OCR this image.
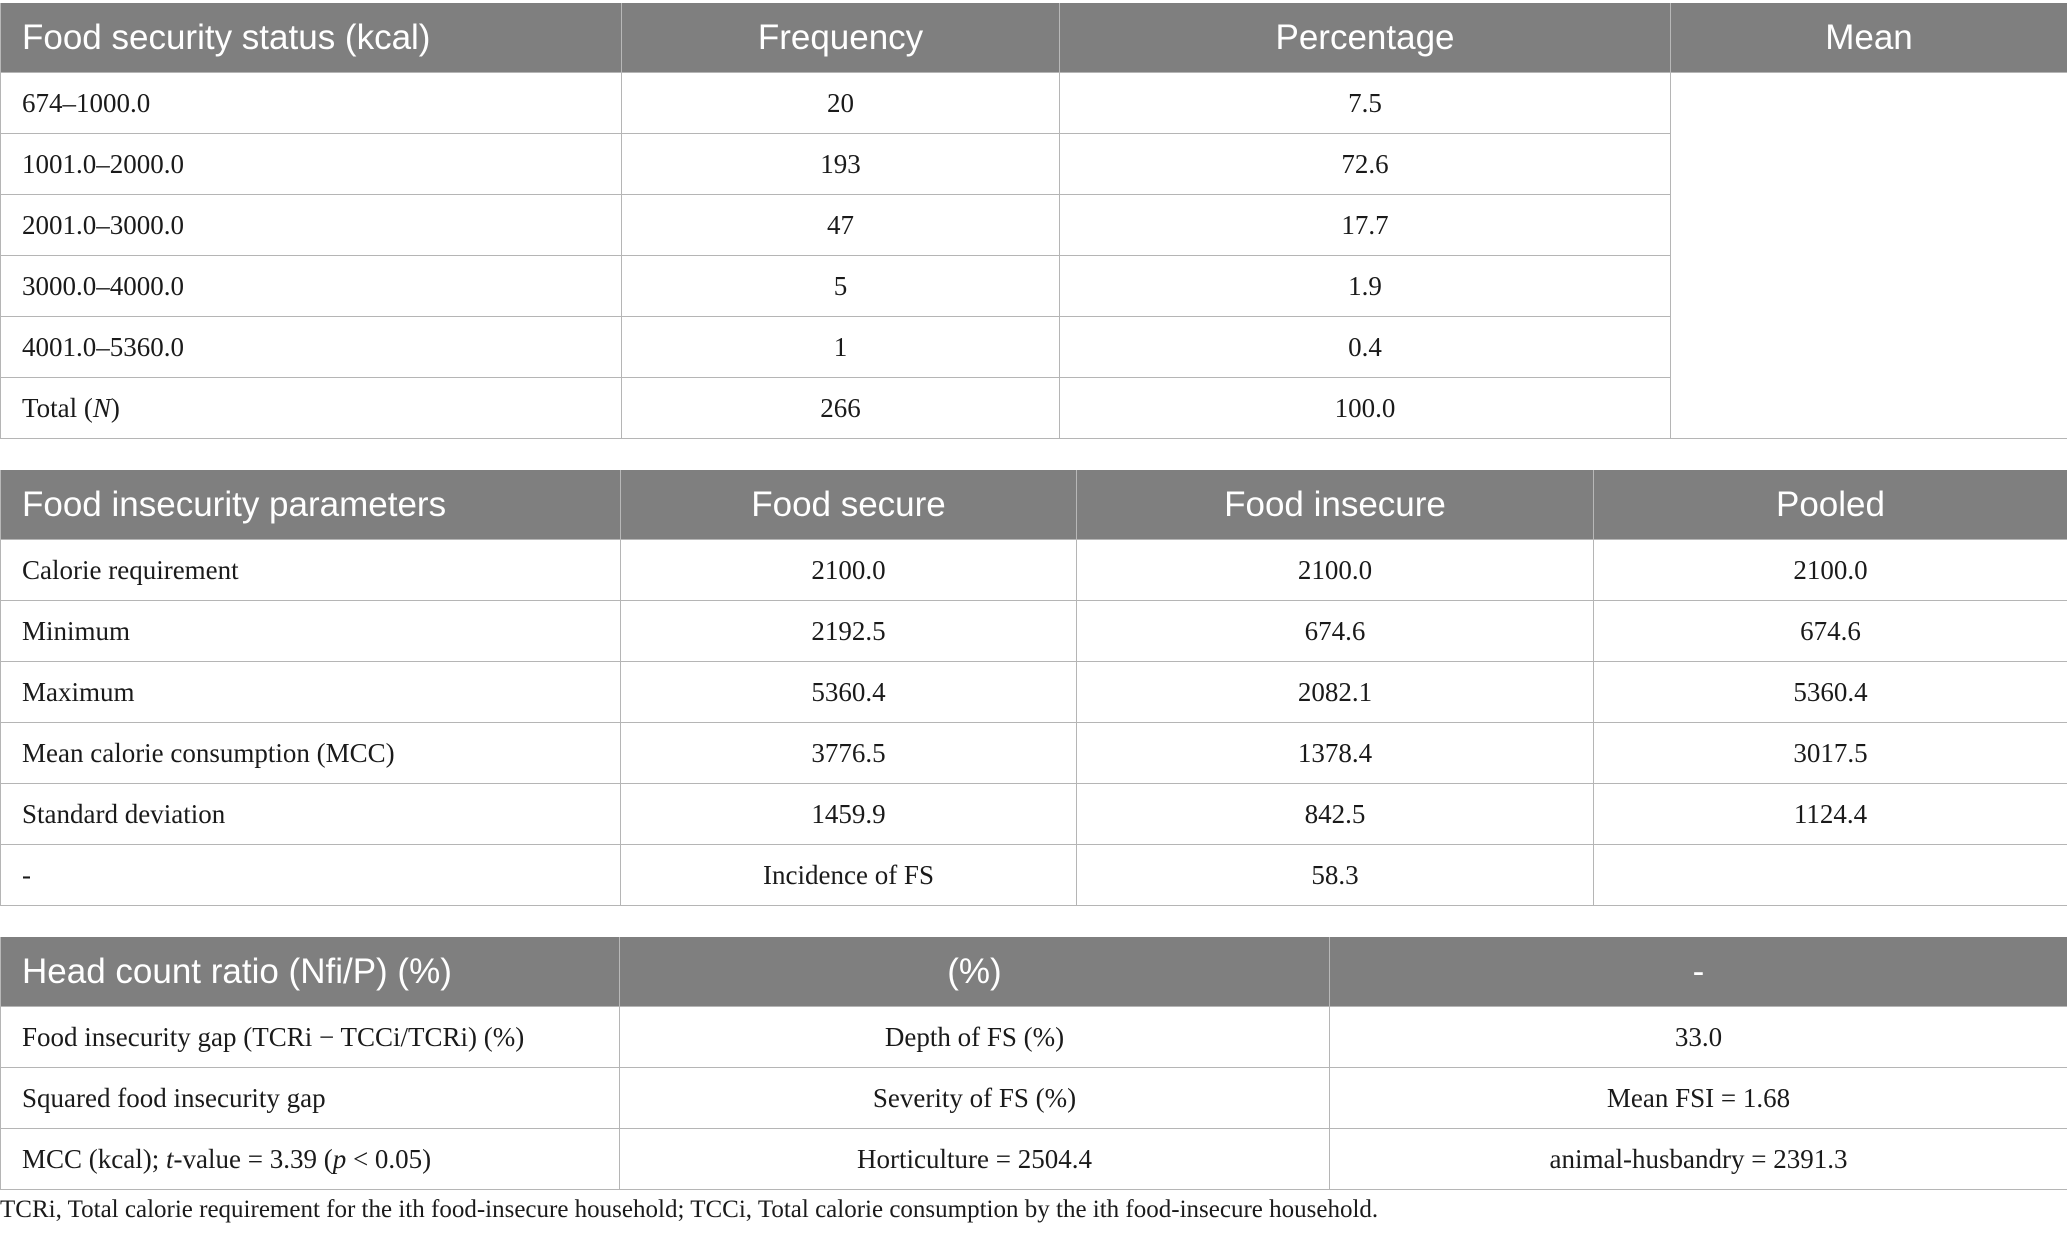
Food security status (kcal)	Frequency	Percentage	Mean
674–1000.0	20	7.5	
1001.0–2000.0	193	72.6	
2001.0–3000.0	47	17.7	
3000.0–4000.0	5	1.9	
4001.0–5360.0	1	0.4	
Total (N)	266	100.0	
Food insecurity parameters	Food secure	Food insecure	Pooled
Calorie requirement	2100.0	2100.0	2100.0
Minimum	2192.5	674.6	674.6
Maximum	5360.4	2082.1	5360.4
Mean calorie consumption (MCC)	3776.5	1378.4	3017.5
Standard deviation	1459.9	842.5	1124.4
-	Incidence of FS	58.3	
Head count ratio (Nfi/P) (%)	(%)	-
Food insecurity gap (TCRi − TCCi/TCRi) (%)	Depth of FS (%)	33.0
Squared food insecurity gap	Severity of FS (%)	Mean FSI = 1.68
MCC (kcal); t-value = 3.39 (p < 0.05)	Horticulture = 2504.4	animal-husbandry = 2391.3
TCRi, Total calorie requirement for the ith food-insecure household; TCCi, Total calorie consumption by the ith food-insecure household.
